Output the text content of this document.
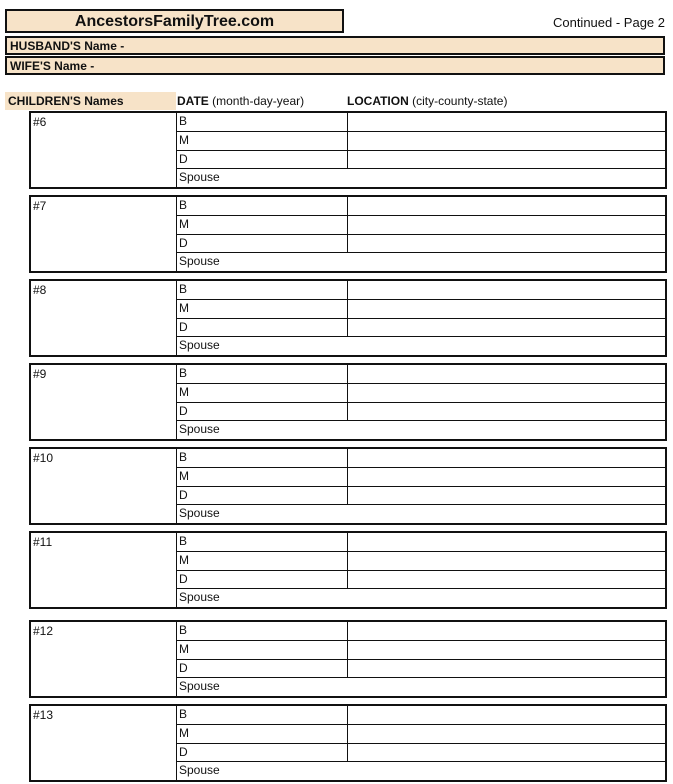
AncestorsFamilyTree.com	Continued - Page 2
HUSBAND'S Name -
WIFE'S Name -
CHILDREN'S Names	DATE (month-day-year)	LOCATION (city-county-state)
#6	B
M
D
Spouse
#7	B
M
D
Spouse
#8	B
M
D
Spouse
#9	B
M
D
Spouse
#10	B
M
D
Spouse
#11	B
M
D
Spouse
#12	B
M
D
Spouse
#13	B
M
D
Spouse
